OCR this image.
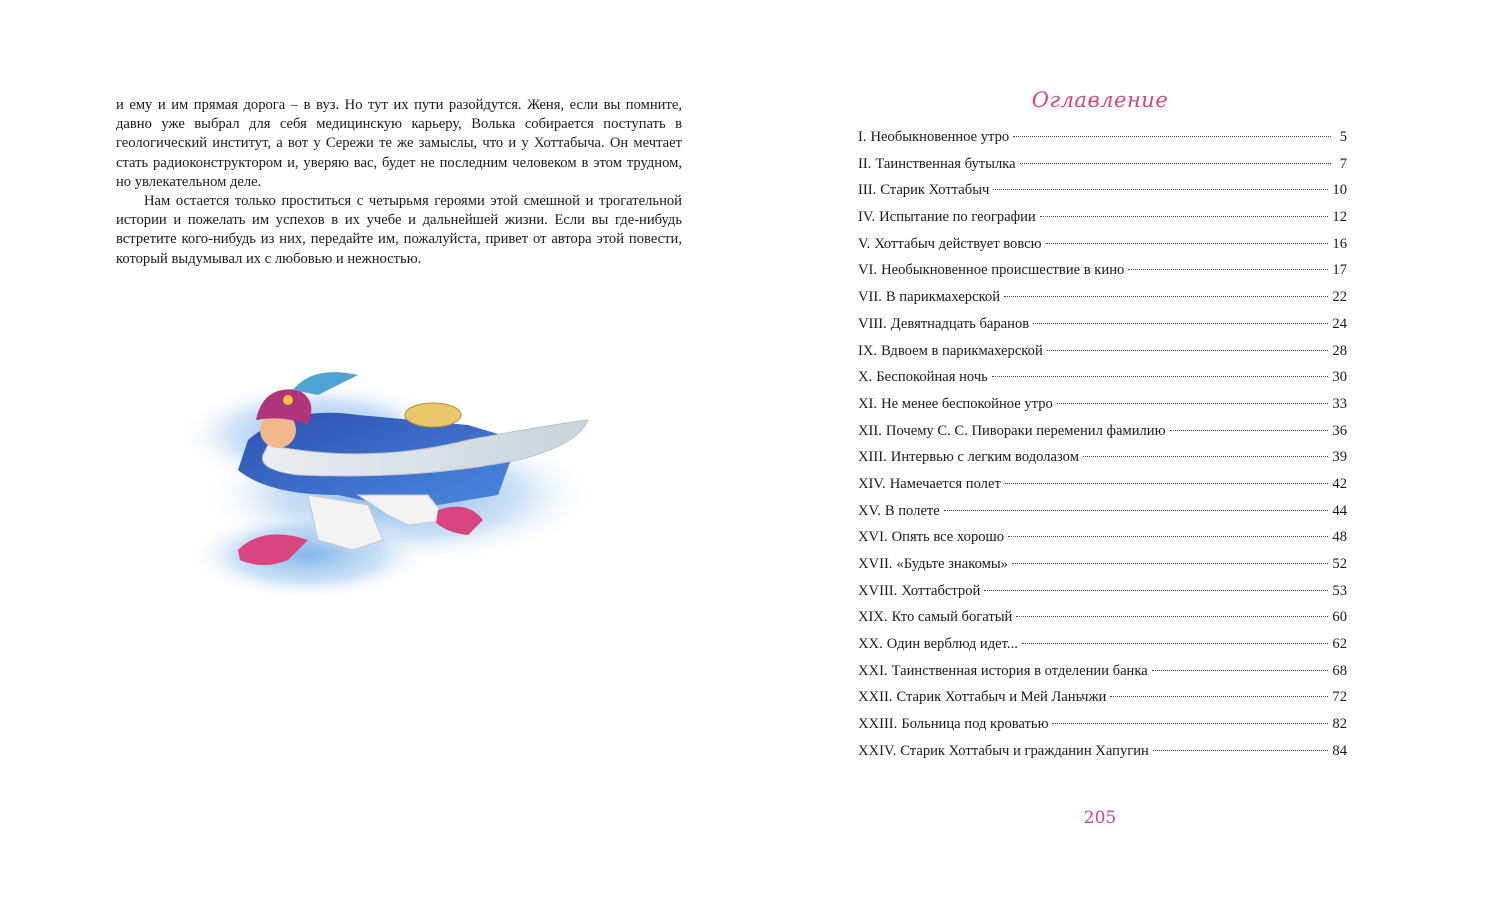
и ему и им прямая дорога – в вуз. Но тут их пути разойдутся. Женя, если вы помните, давно уже выбрал для себя медицинскую карьеру, Волька собирается поступать в геологический институт, а вот у Сережи те же замыслы, что и у Хоттабыча. Он мечтает стать радиоконструктором и, уверяю вас, будет не последним человеком в этом трудном, но увлекательном деле.

Нам остается только проститься с четырьмя героями этой смешной и трогательной истории и пожелать им успехов в их учебе и дальнейшей жизни. Если вы где-нибудь встретите кого-нибудь из них, передайте им, пожалуйста, привет от автора этой повести, который выдумывал их с любовью и нежностью.

Оглавление
I. Необыкновенное утро	5
II. Таинственная бутылка	7
III. Старик Хоттабыч	10
IV. Испытание по географии	12
V. Хоттабыч действует вовсю	16
VI. Необыкновенное происшествие в кино	17
VII. В парикмахерской	22
VIII. Девятнадцать баранов	24
IX. Вдвоем в парикмахерской	28
X. Беспокойная ночь	30
XI. Не менее беспокойное утро	33
XII. Почему С. С. Пивораки переменил фамилию	36
XIII. Интервью с легким водолазом	39
XIV. Намечается полет	42
XV. В полете	44
XVI. Опять все хорошо	48
XVII. «Будьте знакомы»	52
XVIII. Хоттабстрой	53
XIX. Кто самый богатый	60
XX. Один верблюд идет...	62
XXI. Таинственная история в отделении банка	68
XXII. Старик Хоттабыч и Мей Ланьчжи	72
XXIII. Больница под кроватью	82
XXIV. Старик Хоттабыч и гражданин Хапугин	84
205
